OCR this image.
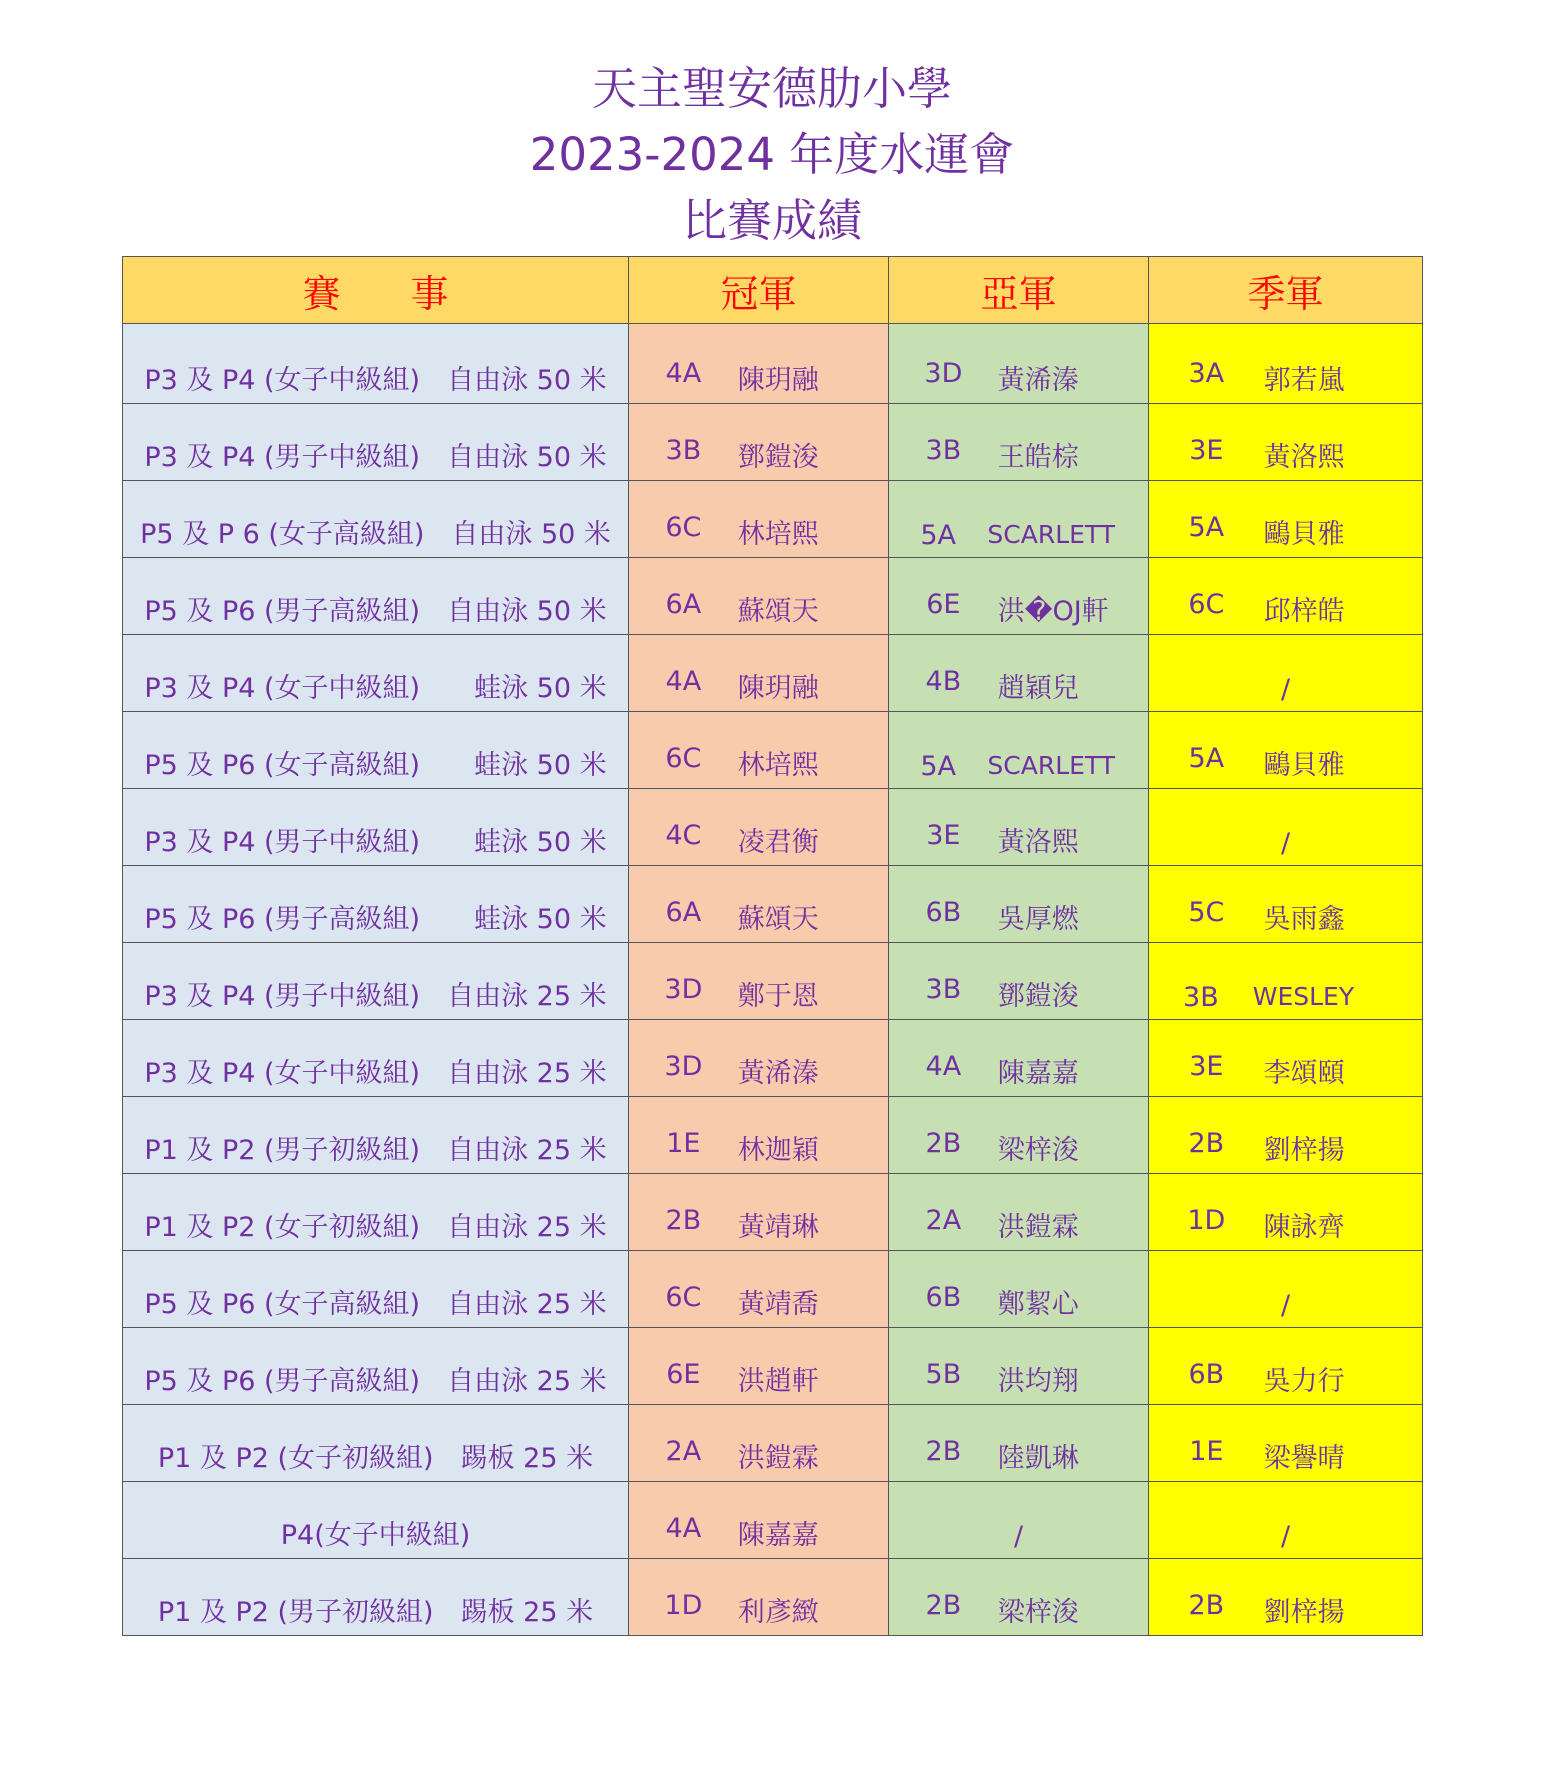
天主聖安德肋小學
2023-2024 年度水運會
比賽成績
賽 事	冠軍	亞軍	季軍
P3 及 P4 (女子中級組)　自由泳 50 米	4A 陳玥融	3D 黃浠溱	3A 郭若嵐

P3 及 P4 (男子中級組)　自由泳 50 米	3B 鄧鎧浚	3B 王皓棕	3E 黃洛熙

P5 及 P 6 (女子高級組)　自由泳 50 米	6C 林培熙	5A SCARLETT	5A 鷗貝雅

P5 及 P6 (男子高級組)　自由泳 50 米	6A 蘇頌天	6E 洪�OJ軒	6C 邱梓皓

P3 及 P4 (女子中級組)　　蛙泳 50 米	4A 陳玥融	4B 趙穎兒	/

P5 及 P6 (女子高級組)　　蛙泳 50 米	6C 林培熙	5A SCARLETT	5A 鷗貝雅

P3 及 P4 (男子中級組)　　蛙泳 50 米	4C 凌君衡	3E 黃洛熙	/

P5 及 P6 (男子高級組)　　蛙泳 50 米	6A 蘇頌天	6B 吳厚燃	5C 吳雨鑫

P3 及 P4 (男子中級組)　自由泳 25 米	3D 鄭于恩	3B 鄧鎧浚	3B WESLEY

P3 及 P4 (女子中級組)　自由泳 25 米	3D 黃浠溱	4A 陳嘉嘉	3E 李頌頤

P1 及 P2 (男子初級組)　自由泳 25 米	1E 林迦穎	2B 梁梓浚	2B 劉梓揚

P1 及 P2 (女子初級組)　自由泳 25 米	2B 黃靖琳	2A 洪鎧霖	1D 陳詠齊

P5 及 P6 (女子高級組)　自由泳 25 米	6C 黃靖喬	6B 鄭絜心	/

P5 及 P6 (男子高級組)　自由泳 25 米	6E 洪趙軒	5B 洪均翔	6B 吳力行

P1 及 P2 (女子初級組)　踢板 25 米	2A 洪鎧霖	2B 陸凱琳	1E 梁譽晴

P4(女子中級組)	4A 陳嘉嘉	/	/

P1 及 P2 (男子初級組)　踢板 25 米	1D 利彥緻	2B 梁梓浚	2B 劉梓揚
